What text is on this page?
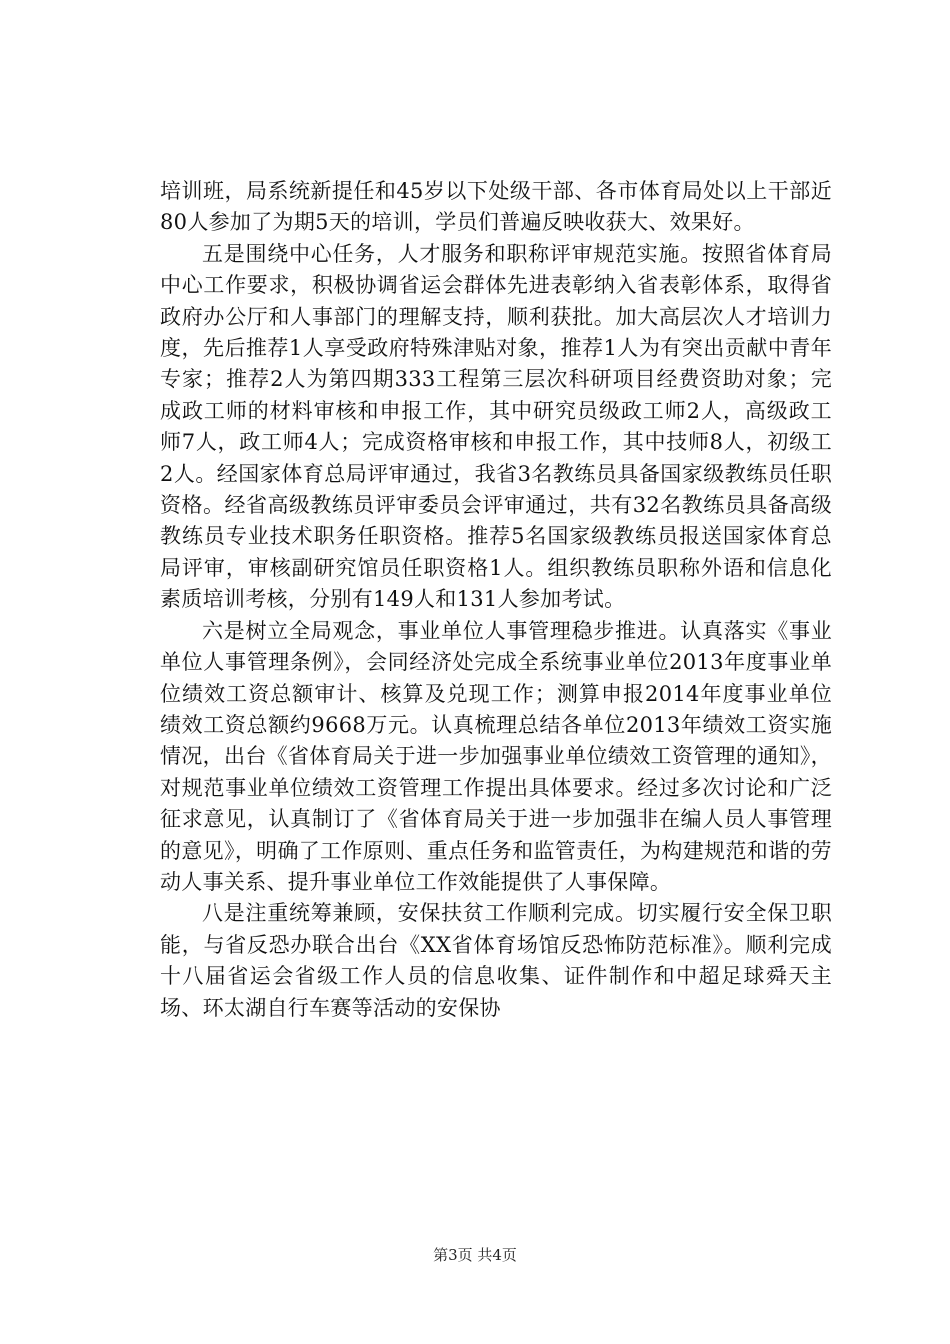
培训班，局系统新提任和45岁以下处级干部、各市体育局处以上干部近80人参加了为期5天的培训，学员们普遍反映收获大、效果好。

五是围绕中心任务，人才服务和职称评审规范实施。按照省体育局中心工作要求，积极协调省运会群体先进表彰纳入省表彰体系，取得省政府办公厅和人事部门的理解支持，顺利获批。加大高层次人才培训力度，先后推荐1人享受政府特殊津贴对象，推荐1人为有突出贡献中青年专家；推荐2人为第四期333工程第三层次科研项目经费资助对象；完成政工师的材料审核和申报工作，其中研究员级政工师2人，高级政工师7人，政工师4人；完成资格审核和申报工作，其中技师8人，初级工2人。经国家体育总局评审通过，我省3名教练员具备国家级教练员任职资格。经省高级教练员评审委员会评审通过，共有32名教练员具备高级教练员专业技术职务任职资格。推荐5名国家级教练员报送国家体育总局评审，审核副研究馆员任职资格1人。组织教练员职称外语和信息化素质培训考核，分别有149人和131人参加考试。

六是树立全局观念，事业单位人事管理稳步推进。认真落实《事业单位人事管理条例》，会同经济处完成全系统事业单位2013年度事业单位绩效工资总额审计、核算及兑现工作；测算申报2014年度事业单位绩效工资总额约9668万元。认真梳理总结各单位2013年绩效工资实施情况，出台《省体育局关于进一步加强事业单位绩效工资管理的通知》，对规范事业单位绩效工资管理工作提出具体要求。经过多次讨论和广泛征求意见，认真制订了《省体育局关于进一步加强非在编人员人事管理的意见》，明确了工作原则、重点任务和监管责任，为构建规范和谐的劳动人事关系、提升事业单位工作效能提供了人事保障。

八是注重统筹兼顾，安保扶贫工作顺利完成。切实履行安全保卫职能，与省反恐办联合出台《XX省体育场馆反恐怖防范标准》。顺利完成十八届省运会省级工作人员的信息收集、证件制作和中超足球舜天主场、环太湖自行车赛等活动的安保协

第3页 共4页
